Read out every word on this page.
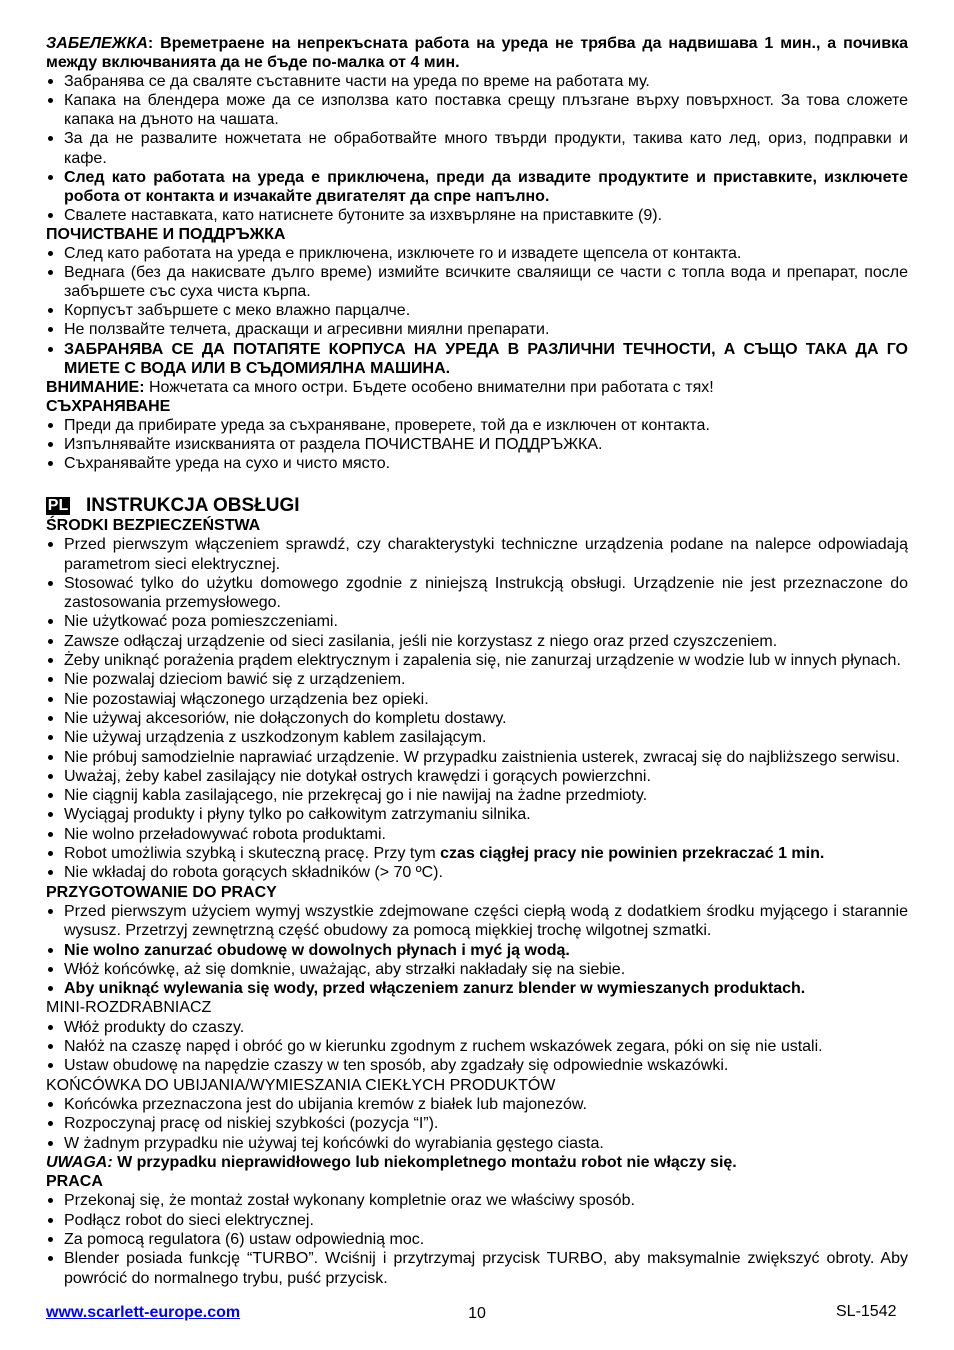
ЗАБЕЛЕЖКА: Времетраене на непрекъсната работа на уреда не трябва да надвишава 1 мин., а почивка между включванията да не бъде по-малка от 4 мин.
Забранява се да сваляте съставните части на уреда по време на работата му.
Капака на блендера може да се използва като поставка срещу плъзгане върху повърхност. За това сложете капака на дъното на чашата.
За да не развалите ножчетата не обработвайте много твърди продукти, такива като лед, ориз, подправки и кафе.
След като работата на уреда е приключена, преди да извадите продуктите и приставките, изключете робота от контакта и изчакайте двигателят да спре напълно.
Свалете наставката, като натиснете бутоните за изхвърляне на приставките (9).
ПОЧИСТВАНЕ И ПОДДРЪЖКА
След като работата на уреда е приключена, изключете го и извадете щепсела от контакта.
Веднага (без да накисвате дълго време) измийте всичките сваляищи се части с топла вода и препарат, после забършете със суха чиста кърпа.
Корпусът забършете с меко влажно парцалче.
Не ползвайте телчета, драскащи и агресивни миялни препарати.
ЗАБРАНЯВА СЕ ДА ПОТАПЯТЕ КОРПУСА НА УРЕДА В РАЗЛИЧНИ ТЕЧНОСТИ, А СЪЩО ТАКА ДА ГО МИЕТЕ С ВОДА ИЛИ В СЪДОМИЯЛНА МАШИНА.
ВНИМАНИЕ: Ножчетата са много остри. Бъдете особено внимателни при работата с тях!
СЪХРАНЯВАНЕ
Преди да прибирате уреда за съхраняване, проверете, той да е изключен от контакта.
Изпълнявайте изискванията от раздела ПОЧИСТВАНЕ И ПОДДРЪЖКА.
Съхранявайте уреда на сухо и чисто място.
PL INSTRUKCJA OBSŁUGI
ŚRODKI BEZPIECZEŃSTWA
Przed pierwszym włączeniem sprawdź, czy charakterystyki techniczne urządzenia podane na nalepce odpowiadają parametrom sieci elektrycznej.
Stosować tylko do użytku domowego zgodnie z niniejszą Instrukcją obsługi. Urządzenie nie jest przeznaczone do zastosowania przemysłowego.
Nie użytkować poza pomieszczeniami.
Zawsze odłączaj urządzenie od sieci zasilania, jeśli nie korzystasz z niego oraz przed czyszczeniem.
Żeby uniknąć porażenia prądem elektrycznym i zapalenia się, nie zanurzaj urządzenie w wodzie lub w innych płynach.
Nie pozwalaj dzieciom bawić się z urządzeniem.
Nie pozostawiaj włączonego urządzenia bez opieki.
Nie używaj akcesoriów, nie dołączonych do kompletu dostawy.
Nie używaj urządzenia z uszkodzonym kablem zasilającym.
Nie próbuj samodzielnie naprawiać urządzenie. W przypadku zaistnienia usterek, zwracaj się do najbliższego serwisu.
Uważaj, żeby kabel zasilający nie dotykał ostrych krawędzi i gorących powierzchni.
Nie ciągnij kabla zasilającego, nie przekręcaj go i nie nawijaj na żadne przedmioty.
Wyciągaj produkty i płyny tylko po całkowitym zatrzymaniu silnika.
Nie wolno przeładowywać robota produktami.
Robot umożliwia szybką i skuteczną pracę. Przy tym czas ciągłej pracy nie powinien przekraczać 1 min.
Nie wkładaj do robota gorących składników (> 70 ºC).
PRZYGOTOWANIE DO PRACY
Przed pierwszym użyciem wymyj wszystkie zdejmowane części ciepłą wodą z dodatkiem środku myjącego i starannie wysusz. Przetrzyj zewnętrzną część obudowy za pomocą miękkiej trochę wilgotnej szmatki.
Nie wolno zanurzać obudowę w dowolnych płynach i myć ją wodą.
Włóż końcówkę, aż się domknie, uważając, aby strzałki nakładały się na siebie.
Aby uniknąć wylewania się wody, przed włączeniem zanurz blender w wymieszanych produktach.
MINI-ROZDRABNIACZ
Włóż produkty do czaszy.
Nałóż na czaszę napęd i obróć go w kierunku zgodnym z ruchem wskazówek zegara, póki on się nie ustali.
Ustaw obudowę na napędzie czaszy w ten sposób, aby zgadzały się odpowiednie wskazówki.
KOŃCÓWKA DO UBIJANIA/WYMIESZANIA CIEKŁYCH PRODUKTÓW
Końcówka przeznaczona jest do ubijania kremów z białek lub majonezów.
Rozpoczynaj pracę od niskiej szybkości (pozycja “I”).
W żadnym przypadku nie używaj tej końcówki do wyrabiania gęstego ciasta.
UWAGA: W przypadku nieprawidłowego lub niekompletnego montażu robot nie włączy się.
PRACA
Przekonaj się, że montaż został wykonany kompletnie oraz we właściwy sposób.
Podłącz robot do sieci elektrycznej.
Za pomocą regulatora (6) ustaw odpowiednią moc.
Blender posiada funkcję “TURBO”. Wciśnij i przytrzymaj przycisk TURBO, aby maksymalnie zwiększyć obroty. Aby powrócić do normalnego trybu, puść przycisk.
www.scarlett-europe.com	10	SL-1542
